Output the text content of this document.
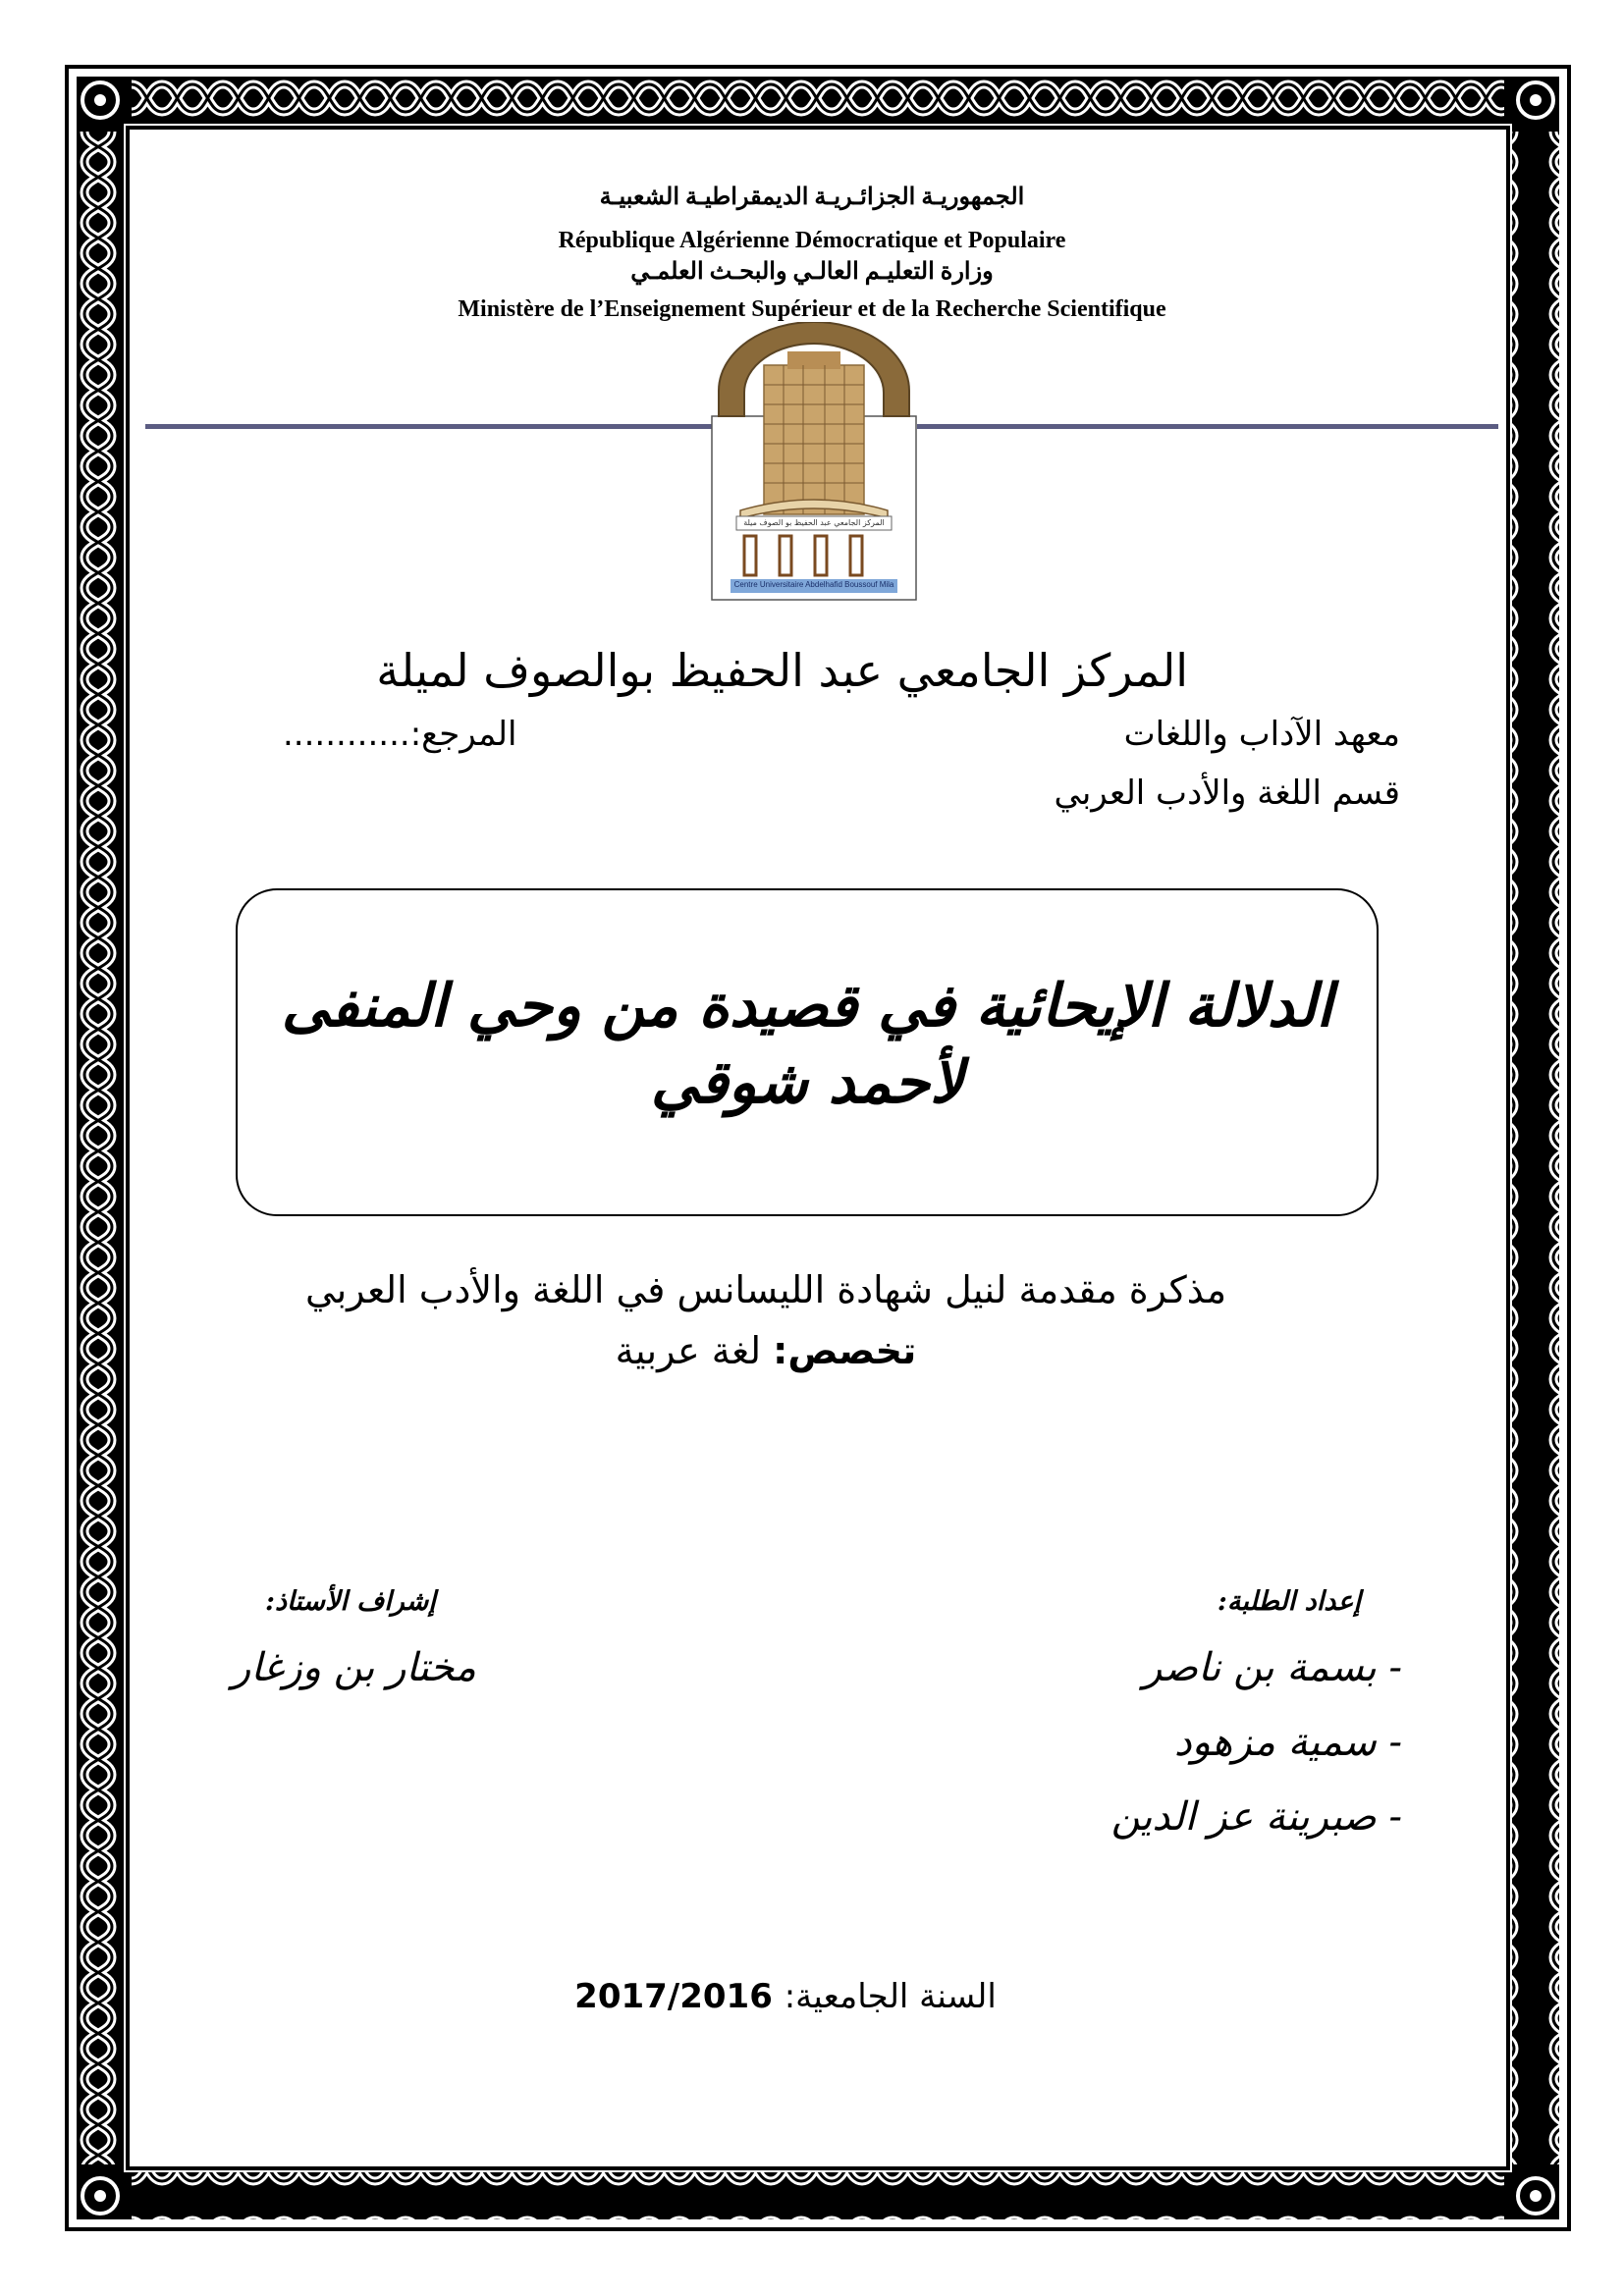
الجمهوريـة الجزائـريـة الديمقراطيـة الشعبيـة
République Algérienne Démocratique et Populaire
وزارة التعليـم العالـي والبحـث العلمـي
Ministère de l’Enseignement Supérieur et de la Recherche Scientifique
المركز الجامعي عبد الحفيظ بو الصوف ميلة
Centre Universitaire Abdelhafid Boussouf Mila
المركز الجامعي عبد الحفيظ بوالصوف لميلة
معهد الآداب واللغات
المرجع:............
قسم اللغة والأدب العربي
الدلالة الإيحائية في قصيدة من وحي المنفى
لأحمد شوقي
مذكرة مقدمة لنيل شهادة الليسانس في اللغة والأدب العربي
تخصص: لغة عربية
إعداد الطلبة:
- بسمة بن ناصر
- سمية مزهود
- صبرينة عز الدين
إشراف الأستاذ:
مختار بن وزغار
السنة الجامعية: 2017/2016
